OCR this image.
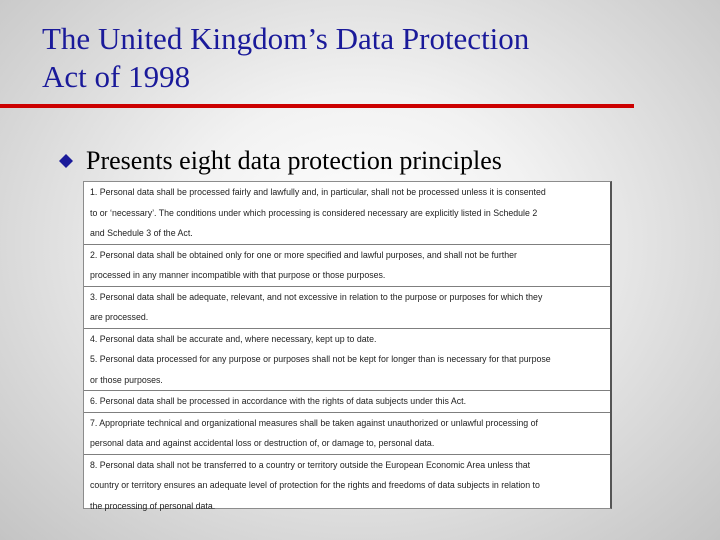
The United Kingdom’s Data Protection
Act of 1998
Presents eight data protection principles
1. Personal data shall be processed fairly and lawfully and, in particular, shall not be processed unless it is consented
to or ‘necessary’. The conditions under which processing is considered necessary are explicitly listed in Schedule 2
and Schedule 3 of the Act.
2. Personal data shall be obtained only for one or more specified and lawful purposes, and shall not be further
processed in any manner incompatible with that purpose or those purposes.
3. Personal data shall be adequate, relevant, and not excessive in relation to the purpose or purposes for which they
are processed.
4. Personal data shall be accurate and, where necessary, kept up to date.
5. Personal data processed for any purpose or purposes shall not be kept for longer than is necessary for that purpose
or those purposes.
6. Personal data shall be processed in accordance with the rights of data subjects under this Act.
7. Appropriate technical and organizational measures shall be taken against unauthorized or unlawful processing of
personal data and against accidental loss or destruction of, or damage to, personal data.
8. Personal data shall not be transferred to a country or territory outside the European Economic Area unless that
country or territory ensures an adequate level of protection for the rights and freedoms of data subjects in relation to
the processing of personal data.
